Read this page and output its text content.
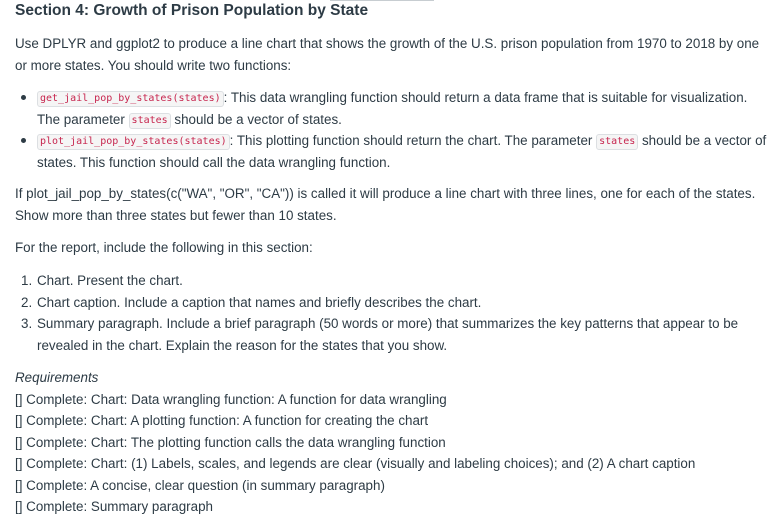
Section 4: Growth of Prison Population by State

Use DPLYR and ggplot2 to produce a line chart that shows the growth of the U.S. prison population from 1970 to 2018 by one or more states. You should write two functions:

get_jail_pop_by_states(states) : This data wrangling function should return a data frame that is suitable for visualization. The parameter states should be a vector of states.
plot_jail_pop_by_states(states) : This plotting function should return the chart. The parameter states should be a vector of states. This function should call the data wrangling function.

If plot_jail_pop_by_states(c("WA", "OR", "CA")) is called it will produce a line chart with three lines, one for each of the states. Show more than three states but fewer than 10 states.

For the report, include the following in this section:

1. Chart. Present the chart.
2. Chart caption. Include a caption that names and briefly describes the chart.
3. Summary paragraph. Include a brief paragraph (50 words or more) that summarizes the key patterns that appear to be revealed in the chart. Explain the reason for the states that you show.
Requirements
[] Complete: Chart: Data wrangling function: A function for data wrangling
[] Complete: Chart: A plotting function: A function for creating the chart
[] Complete: Chart: The plotting function calls the data wrangling function
[] Complete: Chart: (1) Labels, scales, and legends are clear (visually and labeling choices); and (2) A chart caption
[] Complete: A concise, clear question (in summary paragraph)
[] Complete: Summary paragraph
